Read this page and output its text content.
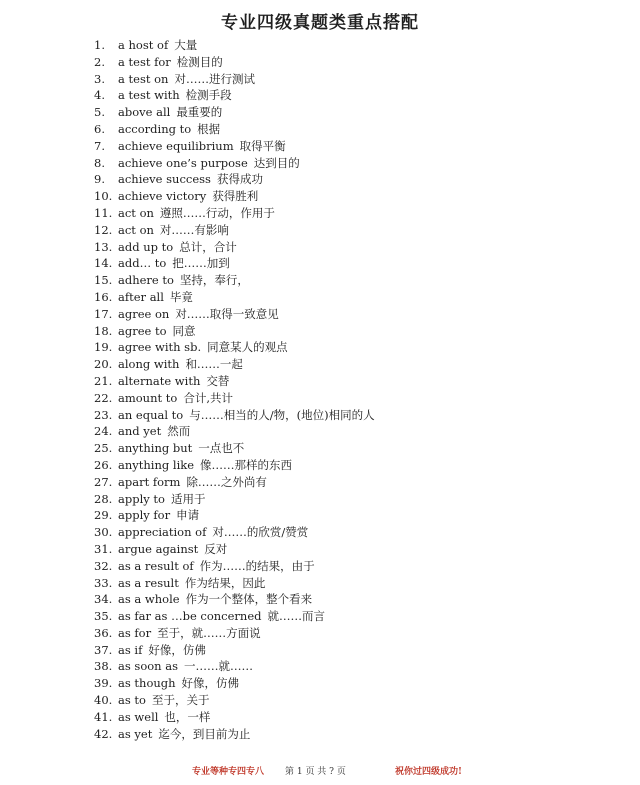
专业四级真题类重点搭配
1. a host of 大量
2. a test for 检测目的
3. a test on 对……进行测试
4. a test with 检测手段
5. above all 最重要的
6. according to 根据
7. achieve equilibrium 取得平衡
8. achieve one’s purpose 达到目的
9. achieve success 获得成功
10. achieve victory 获得胜利
11. act on 遵照……行动，作用于
12. act on 对……有影响
13. add up to 总计，合计
14. add… to 把……加到
15. adhere to 坚持，奉行，
16. after all 毕竟
17. agree on 对……取得一致意见
18. agree to 同意
19. agree with sb. 同意某人的观点
20. along with 和……一起
21. alternate with 交替
22. amount to 合计,共计
23. an equal to 与……相当的人/物，(地位)相同的人
24. and yet 然而
25. anything but 一点也不
26. anything like 像……那样的东西
27. apart form 除……之外尚有
28. apply to 适用于
29. apply for 申请
30. appreciation of 对……的欣赏/赞赏
31. argue against 反对
32. as a result of 作为……的结果，由于
33. as a result 作为结果，因此
34. as a whole 作为一个整体，整个看来
35. as far as …be concerned 就……而言
36. as for 至于，就……方面说
37. as if 好像，仿佛
38. as soon as 一……就……
39. as though 好像，仿佛
40. as to 至于，关于
41. as well 也，一样
42. as yet 迄今，到目前为止
专业等种专四专八 第 1 页 共 ? 页	祝你过四级成功!
